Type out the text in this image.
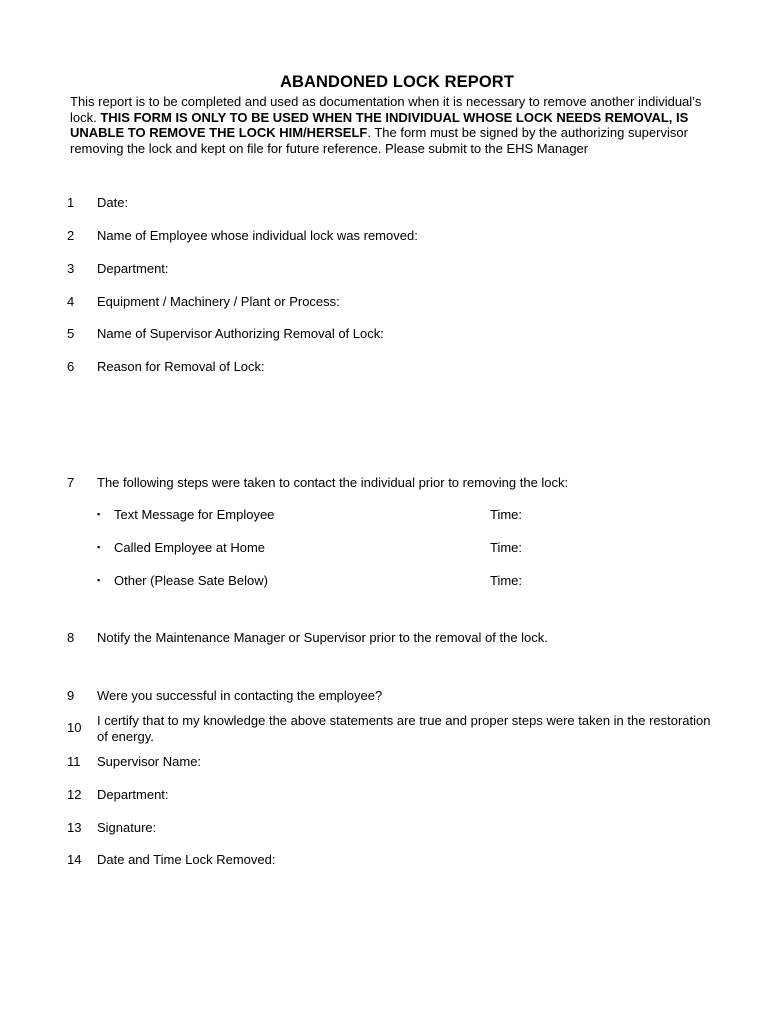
ABANDONED LOCK REPORT
This report is to be completed and used as documentation when it is necessary to remove another individual’s lock. THIS FORM IS ONLY TO BE USED WHEN THE INDIVIDUAL WHOSE LOCK NEEDS REMOVAL, IS UNABLE TO REMOVE THE LOCK HIM/HERSELF. The form must be signed by the authorizing supervisor removing the lock and kept on file for future reference. Please submit to the EHS Manager
1 Date:
2 Name of Employee whose individual lock was removed:
3 Department:
4 Equipment / Machinery / Plant or Process:
5 Name of Supervisor Authorizing Removal of Lock:
6 Reason for Removal of Lock:
7 The following steps were taken to contact the individual prior to removing the lock:
▪ Text Message for Employee	Time:
▪ Called Employee at Home	Time:
▪ Other (Please Sate Below)	Time:
8 Notify the Maintenance Manager or Supervisor prior to the removal of the lock.
9 Were you successful in contacting the employee?
10 I certify that to my knowledge the above statements are true and proper steps were taken in the restoration of energy.
11 Supervisor Name:
12 Department:
13 Signature:
14 Date and Time Lock Removed:
